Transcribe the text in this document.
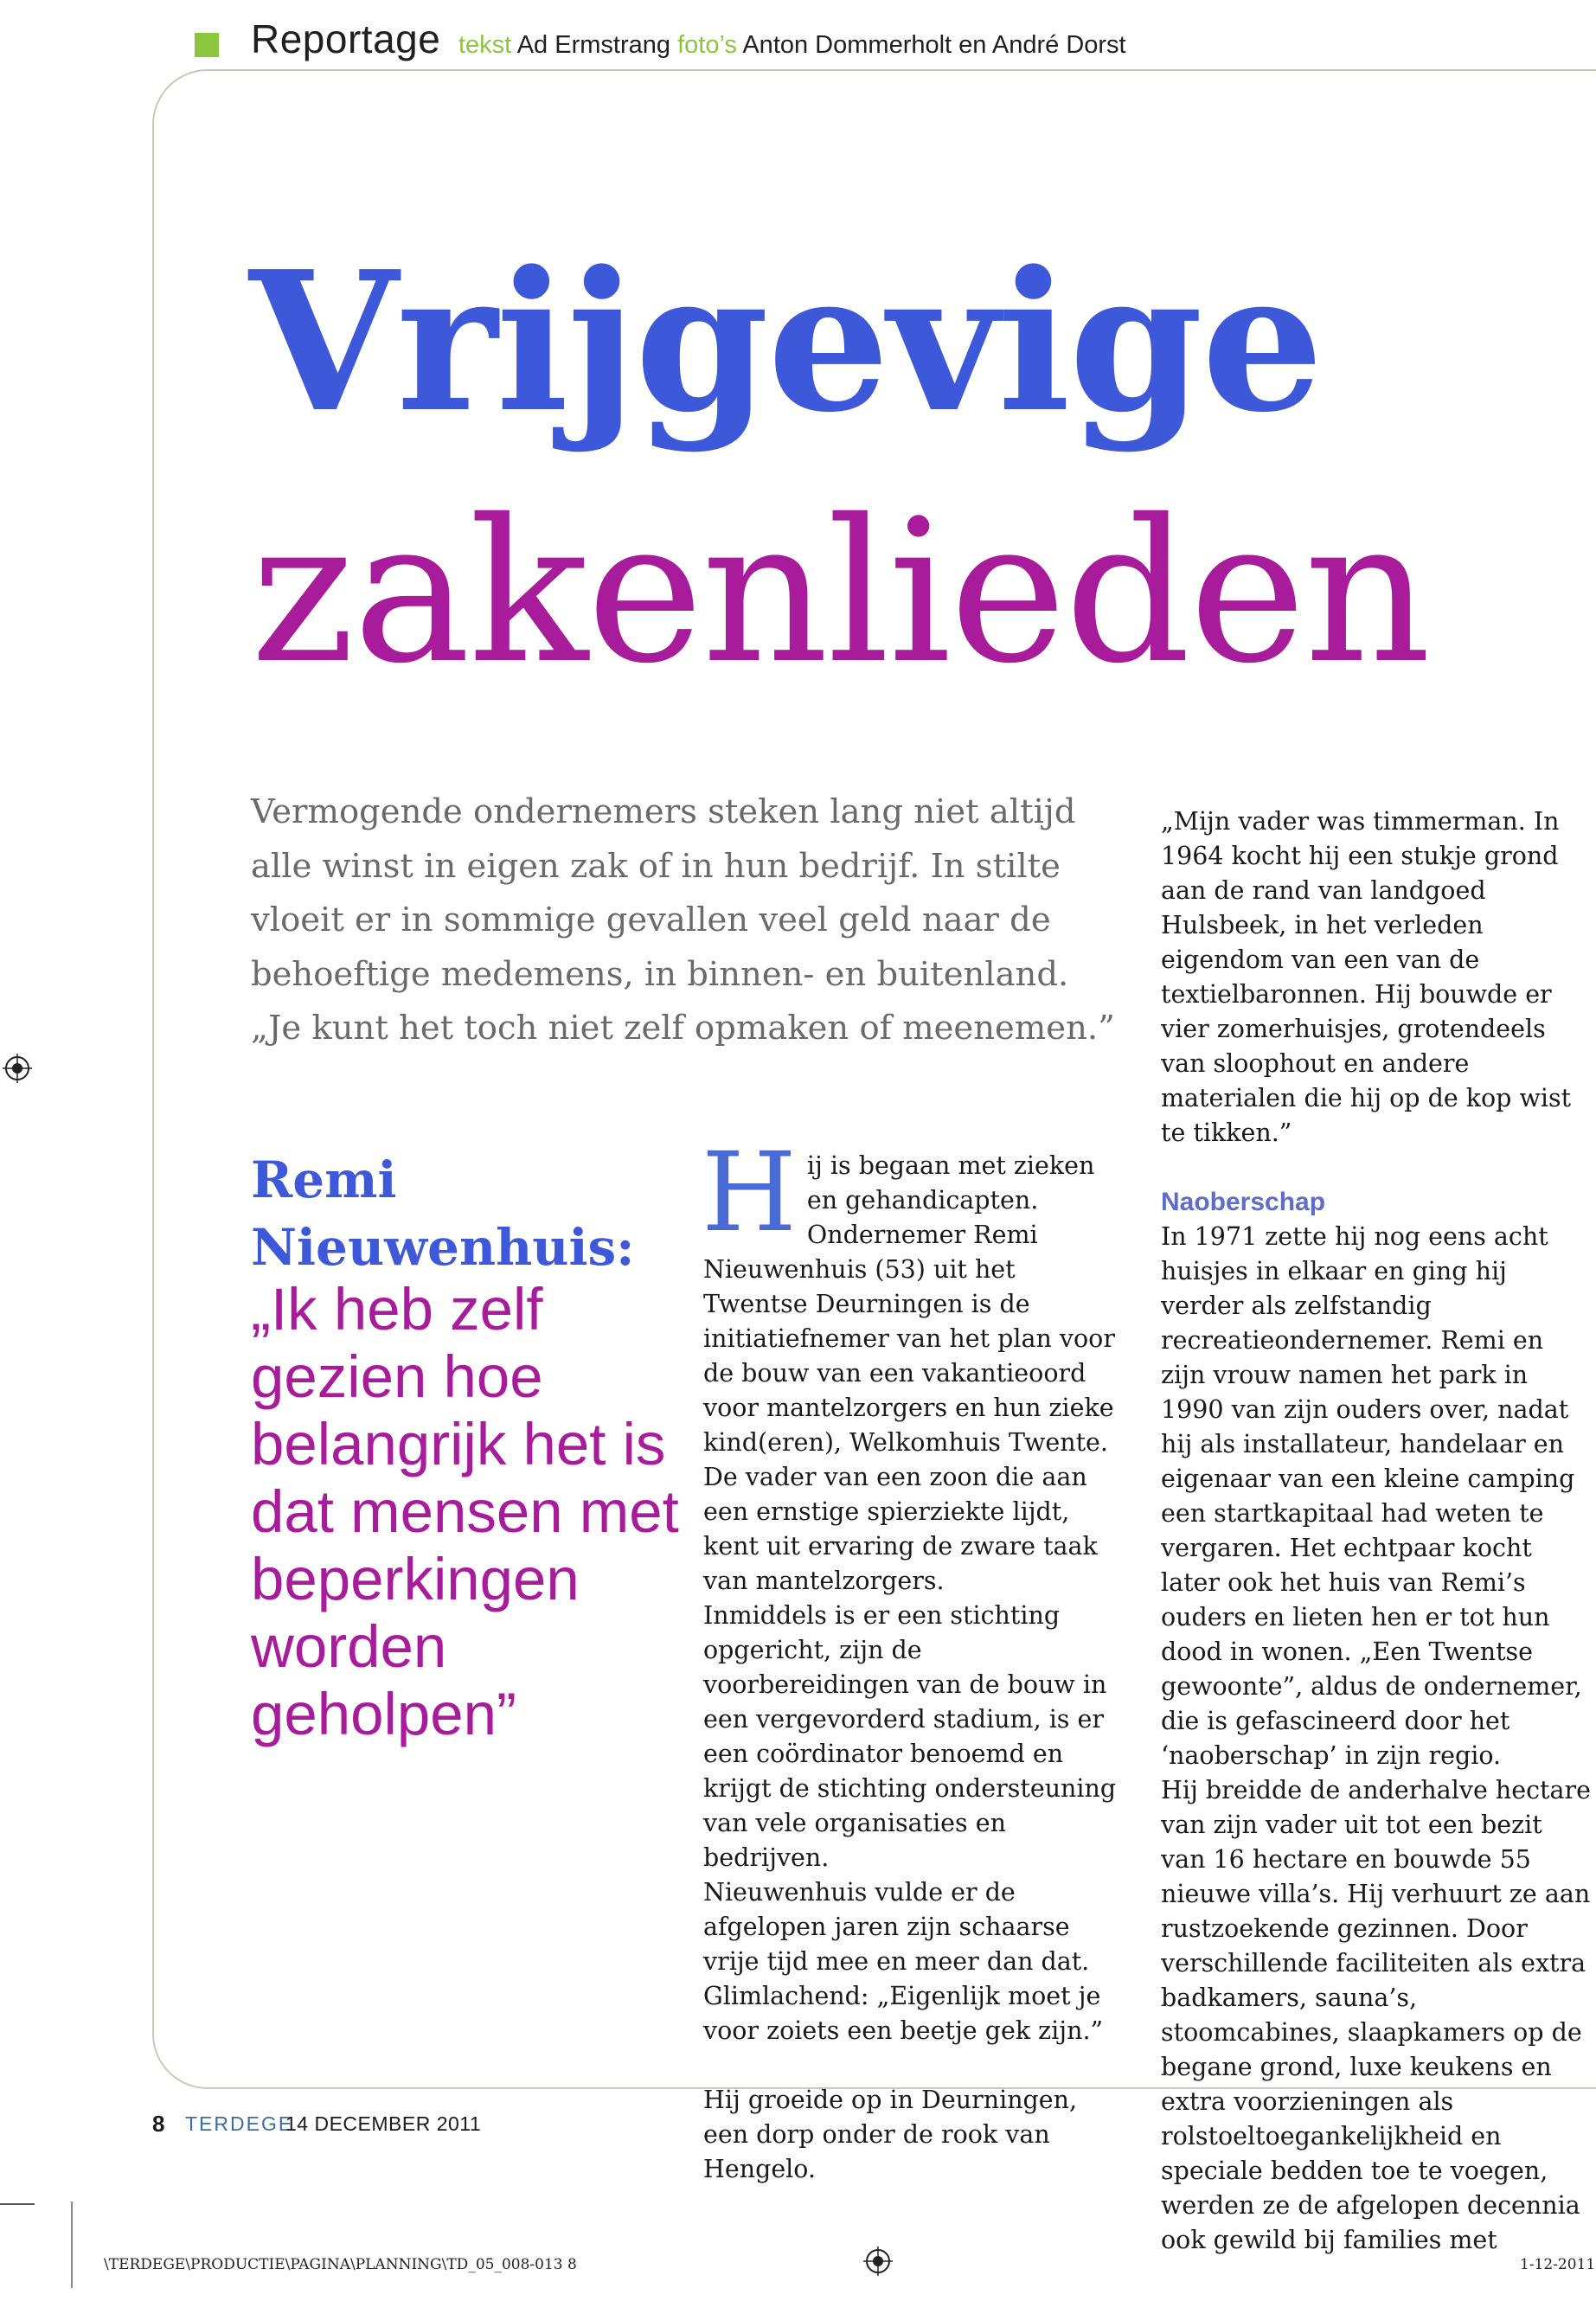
Reportage tekst Ad Ermstrang foto’s Anton Dommerholt en André Dorst
Vrijgevige
zakenlieden
Vermogende ondernemers steken lang niet altijd alle winst in eigen zak of in hun bedrijf. In stilte vloeit er in sommige gevallen veel geld naar de behoeftige medemens, in binnen- en buitenland. „Je kunt het toch niet zelf opmaken of meenemen.”
Remi Nieuwenhuis:
„Ik heb zelf gezien hoe belangrijk het is dat mensen met beperkingen worden geholpen”

Hij is begaan met zieken en gehandicapten. Ondernemer Remi Nieuwenhuis (53) uit het Twentse Deurningen is de initiatiefnemer van het plan voor de bouw van een vakantieoord voor mantelzorgers en hun zieke kind(eren), Welkomhuis Twente.

De vader van een zoon die aan een ernstige spierziekte lijdt, kent uit ervaring de zware taak van mantelzorgers.

Inmiddels is er een stichting opgericht, zijn de voorbereidingen van de bouw in een vergevorderd stadium, is er een coördinator benoemd en krijgt de stichting ondersteuning van vele organisaties en bedrijven.

Nieuwenhuis vulde er de afgelopen jaren zijn schaarse vrije tijd mee en meer dan dat. Glimlachend: „Eigenlijk moet je voor zoiets een beetje gek zijn.”

Hij groeide op in Deurningen, een dorp onder de rook van Hengelo.

„Mijn vader was timmerman. In 1964 kocht hij een stukje grond aan de rand van landgoed Hulsbeek, in het verleden eigendom van een van de textielbaronnen. Hij bouwde er vier zomerhuisjes, grotendeels van sloophout en andere materialen die hij op de kop wist te tikken.”

Naoberschap

In 1971 zette hij nog eens acht huisjes in elkaar en ging hij verder als zelfstandig recreatieondernemer. Remi en zijn vrouw namen het park in 1990 van zijn ouders over, nadat hij als installateur, handelaar en eigenaar van een kleine camping een startkapitaal had weten te vergaren. Het echtpaar kocht later ook het huis van Remi’s ouders en lieten hen er tot hun dood in wonen. „Een Twentse gewoonte”, aldus de ondernemer, die is gefascineerd door het ‘naoberschap’ in zijn regio.

Hij breidde de anderhalve hectare van zijn vader uit tot een bezit van 16 hectare en bouwde 55 nieuwe villa’s. Hij verhuurt ze aan rustzoekende gezinnen. Door verschillende faciliteiten als extra badkamers, sauna’s, stoomcabines, slaapkamers op de begane grond, luxe keukens en extra voorzieningen als rolstoeltoegankelijkheid en speciale bedden toe te voegen, werden ze de afgelopen decennia ook gewild bij families met

8 TERDEGE
14 DECEMBER 2011
\TERDEGE\PRODUCTIE\PAGINA\PLANNING\TD_05_008-013 8	1-12-2011
